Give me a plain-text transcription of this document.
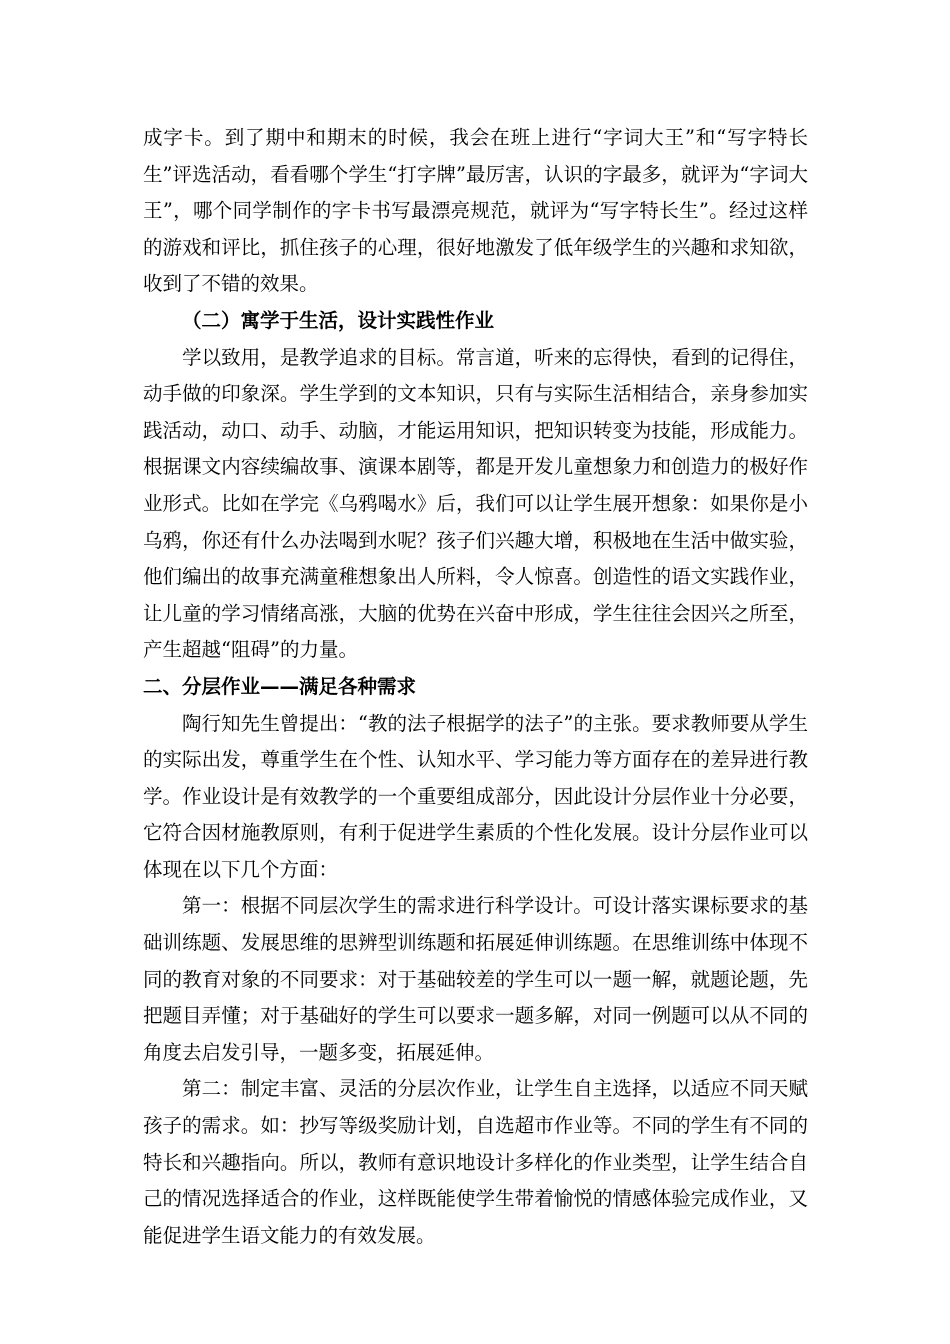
成字卡。到了期中和期末的时候，我会在班上进行“字词大王”和“写字特长生”评选活动，看看哪个学生“打字牌”最厉害，认识的字最多，就评为“字词大王”，哪个同学制作的字卡书写最漂亮规范，就评为“写字特长生”。经过这样的游戏和评比，抓住孩子的心理，很好地激发了低年级学生的兴趣和求知欲，收到了不错的效果。

（二）寓学于生活，设计实践性作业

学以致用，是教学追求的目标。常言道，听来的忘得快，看到的记得住，动手做的印象深。学生学到的文本知识，只有与实际生活相结合，亲身参加实践活动，动口、动手、动脑，才能运用知识，把知识转变为技能，形成能力。根据课文内容续编故事、演课本剧等，都是开发儿童想象力和创造力的极好作业形式。比如在学完《乌鸦喝水》后，我们可以让学生展开想象：如果你是小乌鸦，你还有什么办法喝到水呢？孩子们兴趣大增，积极地在生活中做实验，他们编出的故事充满童稚想象出人所料，令人惊喜。创造性的语文实践作业，让儿童的学习情绪高涨，大脑的优势在兴奋中形成，学生往往会因兴之所至，产生超越“阻碍”的力量。

二、分层作业——满足各种需求

陶行知先生曾提出：“教的法子根据学的法子”的主张。要求教师要从学生的实际出发，尊重学生在个性、认知水平、学习能力等方面存在的差异进行教学。作业设计是有效教学的一个重要组成部分，因此设计分层作业十分必要，它符合因材施教原则，有利于促进学生素质的个性化发展。设计分层作业可以体现在以下几个方面：

第一：根据不同层次学生的需求进行科学设计。可设计落实课标要求的基础训练题、发展思维的思辨型训练题和拓展延伸训练题。在思维训练中体现不同的教育对象的不同要求：对于基础较差的学生可以一题一解，就题论题，先把题目弄懂；对于基础好的学生可以要求一题多解，对同一例题可以从不同的角度去启发引导，一题多变，拓展延伸。

第二：制定丰富、灵活的分层次作业，让学生自主选择，以适应不同天赋孩子的需求。如：抄写等级奖励计划，自选超市作业等。不同的学生有不同的特长和兴趣指向。所以，教师有意识地设计多样化的作业类型，让学生结合自己的情况选择适合的作业，这样既能使学生带着愉悦的情感体验完成作业，又能促进学生语文能力的有效发展。
